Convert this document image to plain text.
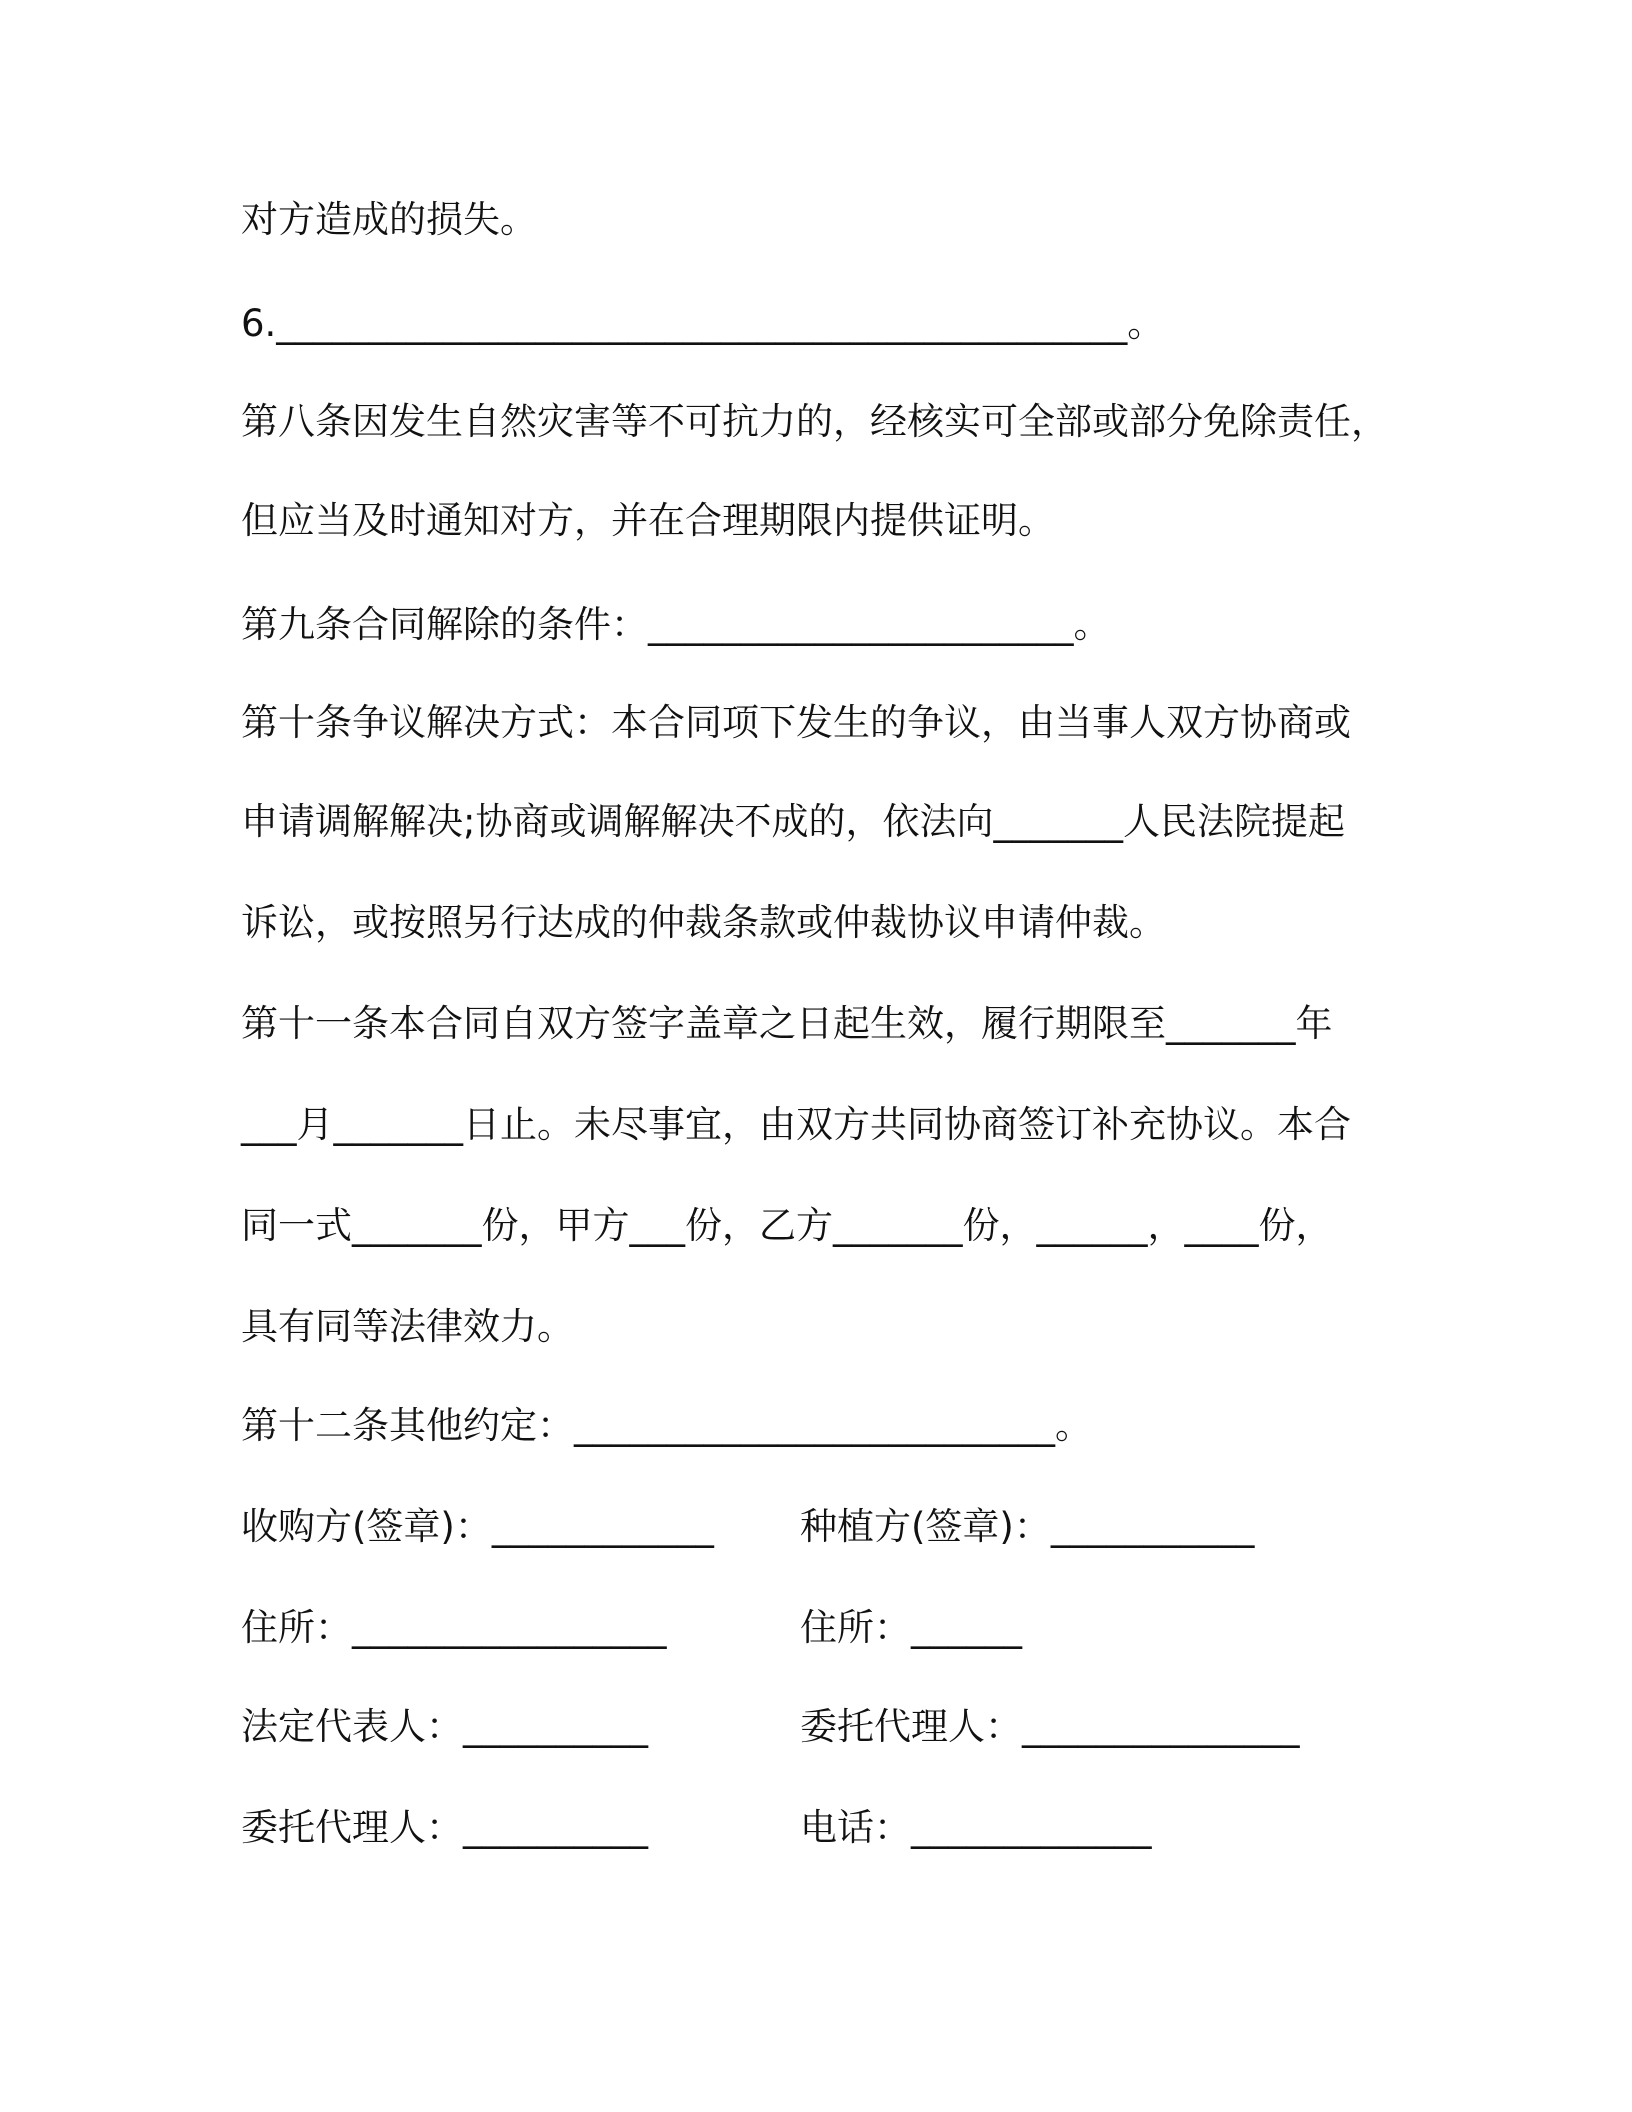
对方造成的损失。
6.______________________________________________。
第八条因发生自然灾害等不可抗力的，经核实可全部或部分免除责任，
但应当及时通知对方，并在合理期限内提供证明。
第九条合同解除的条件：_______________________。
第十条争议解决方式：本合同项下发生的争议，由当事人双方协商或
申请调解解决;协商或调解解决不成的，依法向_______人民法院提起
诉讼，或按照另行达成的仲裁条款或仲裁协议申请仲裁。
第十一条本合同自双方签字盖章之日起生效，履行期限至_______年
___月_______日止。未尽事宜，由双方共同协商签订补充协议。本合
同一式_______份，甲方___份，乙方_______份，______，____份，
具有同等法律效力。
第十二条其他约定：__________________________。
收购方(签章)：____________
住所：_________________
法定代表人：__________
委托代理人：__________
种植方(签章)：___________
住所：______
委托代理人：_______________
电话：_____________
